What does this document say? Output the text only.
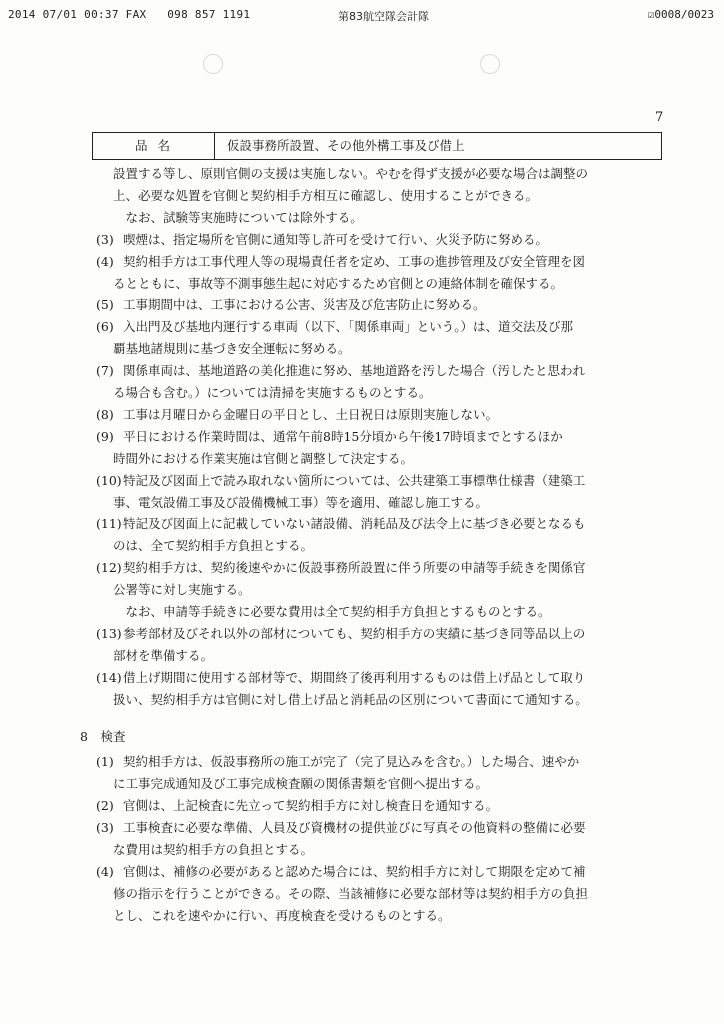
2014 07/01 00:37 FAX 098 857 1191	第83航空隊会計隊	☑0008/0023
7
品名	仮設事務所設置、その他外構工事及び借上
設置する等し、原則官側の支援は実施しない。やむを得ず支援が必要な場合は調整の
上、必要な処置を官側と契約相手方相互に確認し、使用することができる。
　なお、試験等実施時については除外する。
(3) 喫煙は、指定場所を官側に通知等し許可を受けて行い、火災予防に努める。
(4) 契約相手方は工事代理人等の現場責任者を定め、工事の進捗管理及び安全管理を図
るとともに、事故等不測事態生起に対応するため官側との連絡体制を確保する。
(5) 工事期間中は、工事における公害、災害及び危害防止に努める。
(6) 入出門及び基地内運行する車両（以下、「関係車両」という。）は、道交法及び那
覇基地諸規則に基づき安全運転に努める。
(7) 関係車両は、基地道路の美化推進に努め、基地道路を汚した場合（汚したと思われ
る場合も含む。）については清掃を実施するものとする。
(8) 工事は月曜日から金曜日の平日とし、土日祝日は原則実施しない。
(9) 平日における作業時間は、通常午前8時15分頃から午後17時頃までとするほか
時間外における作業実施は官側と調整して決定する。
(10) 特記及び図面上で読み取れない箇所については、公共建築工事標準仕様書（建築工
事、電気設備工事及び設備機械工事）等を適用、確認し施工する。
(11) 特記及び図面上に記載していない諸設備、消耗品及び法令上に基づき必要となるも
のは、全て契約相手方負担とする。
(12) 契約相手方は、契約後速やかに仮設事務所設置に伴う所要の申請等手続きを関係官
公署等に対し実施する。
　なお、申請等手続きに必要な費用は全て契約相手方負担とするものとする。
(13) 参考部材及びそれ以外の部材についても、契約相手方の実績に基づき同等品以上の
部材を準備する。
(14) 借上げ期間に使用する部材等で、期間終了後再利用するものは借上げ品として取り
扱い、契約相手方は官側に対し借上げ品と消耗品の区別について書面にて通知する。
8　検査
(1) 契約相手方は、仮設事務所の施工が完了（完了見込みを含む。）した場合、速やか
に工事完成通知及び工事完成検査願の関係書類を官側へ提出する。
(2) 官側は、上記検査に先立って契約相手方に対し検査日を通知する。
(3) 工事検査に必要な準備、人員及び資機材の提供並びに写真その他資料の整備に必要
な費用は契約相手方の負担とする。
(4) 官側は、補修の必要があると認めた場合には、契約相手方に対して期限を定めて補
修の指示を行うことができる。その際、当該補修に必要な部材等は契約相手方の負担
とし、これを速やかに行い、再度検査を受けるものとする。
